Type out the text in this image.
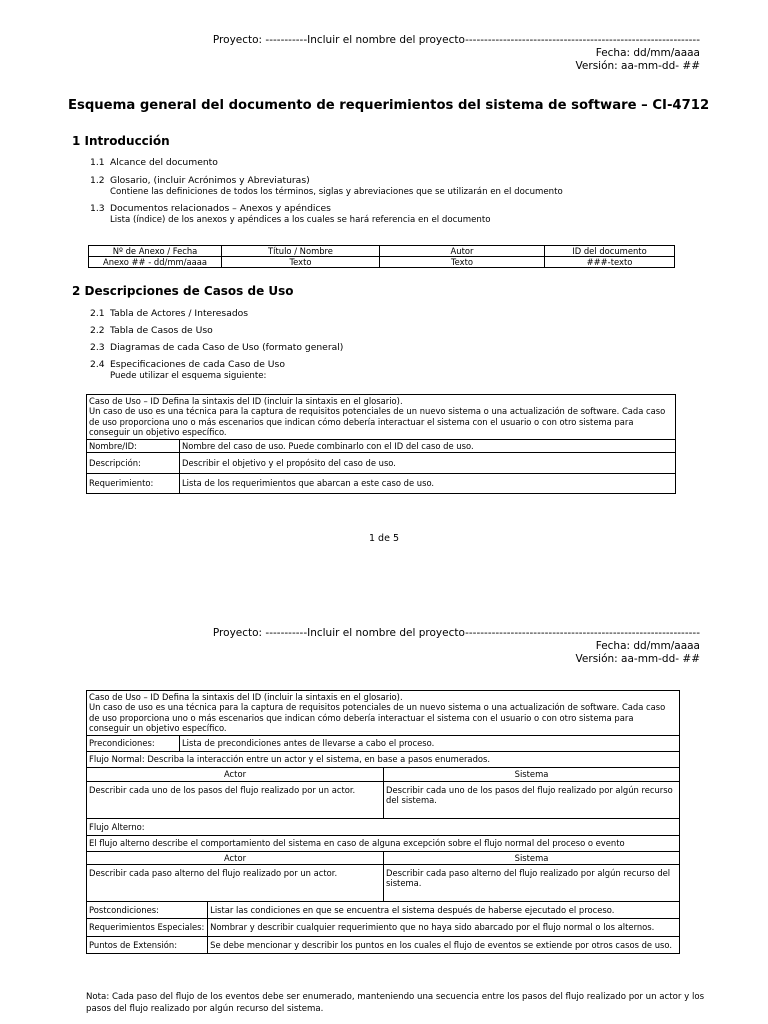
Proyecto: -----------Incluir el nombre del proyecto--------------------------------------------------------------
Fecha: dd/mm/aaaa
Versión: aa-mm-dd- ##
Esquema general del documento de requerimientos del sistema de software – CI-4712
1 Introducción
1.1 Alcance del documento
1.2 Glosario, (incluir Acrónimos y Abreviaturas)
Contiene las definiciones de todos los términos, siglas y abreviaciones que se utilizarán en el documento
1.3 Documentos relacionados – Anexos y apéndices
Lista (índice) de los anexos y apéndices a los cuales se hará referencia en el documento
Nº de Anexo / Fecha	Título / Nombre	Autor	ID del documento
Anexo ## - dd/mm/aaaa	Texto	Texto	###-texto
2 Descripciones de Casos de Uso
2.1 Tabla de Actores / Interesados
2.2 Tabla de Casos de Uso
2.3 Diagramas de cada Caso de Uso (formato general)
2.4 Especificaciones de cada Caso de Uso
Puede utilizar el esquema siguiente:
Caso de Uso – ID Defina la sintaxis del ID (incluir la sintaxis en el glosario).
Un caso de uso es una técnica para la captura de requisitos potenciales de un nuevo sistema o una actualización de software. Cada caso de uso proporciona uno o más escenarios que indican cómo debería interactuar el sistema con el usuario o con otro sistema para conseguir un objetivo específico.	

Nombre/ID:	Nombre del caso de uso. Puede combinarlo con el ID del caso de uso.
Descripción:	Describir el objetivo y el propósito del caso de uso.
Requerimiento:	Lista de los requerimientos que abarcan a este caso de uso.
1 de 5
Proyecto: -----------Incluir el nombre del proyecto--------------------------------------------------------------
Fecha: dd/mm/aaaa
Versión: aa-mm-dd- ##
Caso de Uso – ID Defina la sintaxis del ID (incluir la sintaxis en el glosario).
Un caso de uso es una técnica para la captura de requisitos potenciales de un nuevo sistema o una actualización de software. Cada caso de uso proporciona uno o más escenarios que indican cómo debería interactuar el sistema con el usuario o con otro sistema para conseguir un objetivo específico.			

Precondiciones:	Lista de precondiciones antes de llevarse a cabo el proceso.		
Flujo Normal: Describa la interacción entre un actor y el sistema, en base a pasos enumerados.			
Actor			Sistema
Describir cada uno de los pasos del flujo realizado por un actor.			Describir cada uno de los pasos del flujo realizado por algún recurso del sistema.
Flujo Alterno:			
El flujo alterno describe el comportamiento del sistema en caso de alguna excepción sobre el flujo normal del proceso o evento			
Actor			Sistema
Describir cada paso alterno del flujo realizado por un actor.			Describir cada paso alterno del flujo realizado por algún recurso del sistema.
Postcondiciones:		Listar las condiciones en que se encuentra el sistema después de haberse ejecutado el proceso.	
Requerimientos Especiales:		Nombrar y describir cualquier requerimiento que no haya sido abarcado por el flujo normal o los alternos.	
Puntos de Extensión:		Se debe mencionar y describir los puntos en los cuales el flujo de eventos se extiende por otros casos de uso.	
Nota: Cada paso del flujo de los eventos debe ser enumerado, manteniendo una secuencia entre los pasos del flujo realizado por un actor y los pasos del flujo realizado por algún recurso del sistema.
